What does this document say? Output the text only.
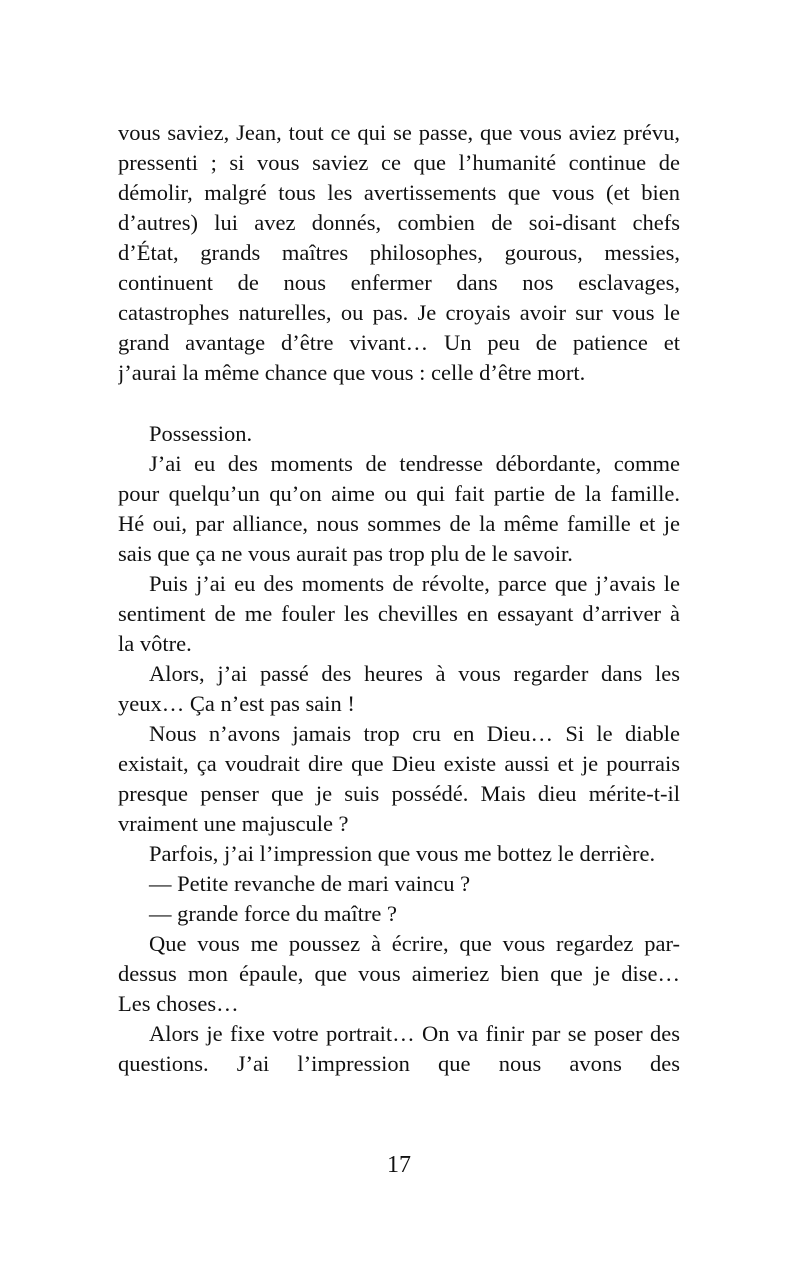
vous saviez, Jean, tout ce qui se passe, que vous aviez prévu,
pressenti ; si vous saviez ce que l’humanité continue de
démolir, malgré tous les avertissements que vous (et bien
d’autres) lui avez donnés, combien de soi-disant chefs
d’État, grands maîtres philosophes, gourous, messies,
continuent de nous enfermer dans nos esclavages,
catastrophes naturelles, ou pas. Je croyais avoir sur vous le
grand avantage d’être vivant… Un peu de patience et
j’aurai la même chance que vous : celle d’être mort.
Possession.
J’ai eu des moments de tendresse débordante, comme
pour quelqu’un qu’on aime ou qui fait partie de la famille.
Hé oui, par alliance, nous sommes de la même famille et je
sais que ça ne vous aurait pas trop plu de le savoir.
Puis j’ai eu des moments de révolte, parce que j’avais le
sentiment de me fouler les chevilles en essayant d’arriver à
la vôtre.
Alors, j’ai passé des heures à vous regarder dans les
yeux… Ça n’est pas sain !
Nous n’avons jamais trop cru en Dieu… Si le diable
existait, ça voudrait dire que Dieu existe aussi et je pourrais
presque penser que je suis possédé. Mais dieu mérite-t-il
vraiment une majuscule ?
Parfois, j’ai l’impression que vous me bottez le derrière.
— Petite revanche de mari vaincu ?
— grande force du maître ?
Que vous me poussez à écrire, que vous regardez par-
dessus mon épaule, que vous aimeriez bien que je dise…
Les choses…
Alors je fixe votre portrait… On va finir par se poser des
questions. J’ai l’impression que nous avons des
17
